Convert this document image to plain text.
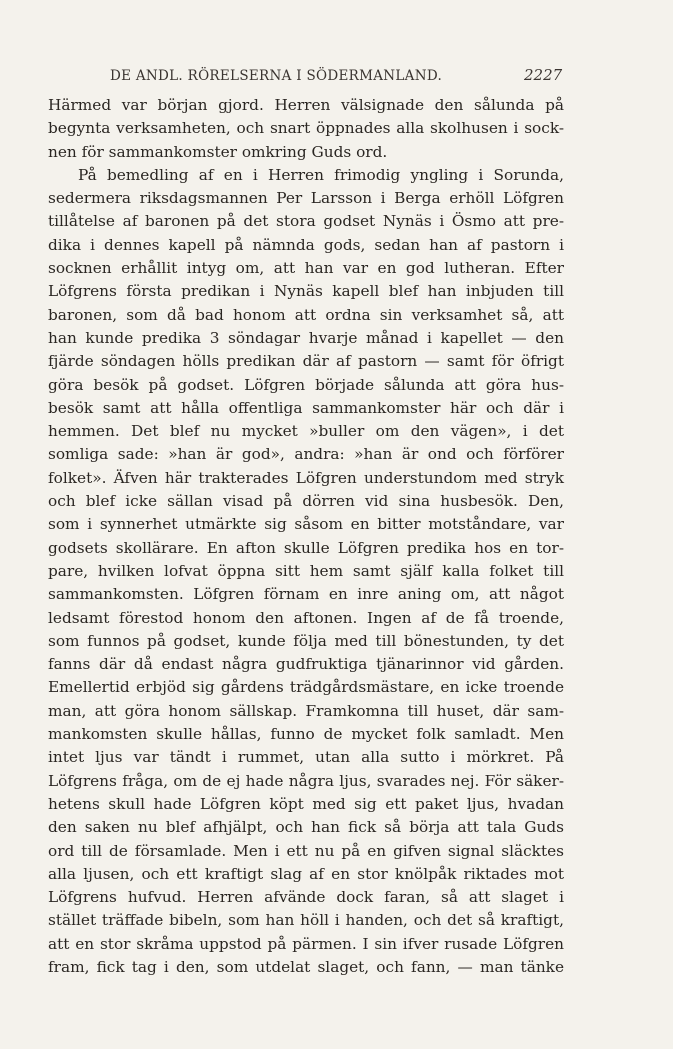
DE ANDL. RÖRELSERNA I SÖDERMANLAND.	2227
Härmed var början gjord. Herren välsignade den sålunda på
begynta verksamheten, och snart öppnades alla skolhusen i sock-
nen för sammankomster omkring Guds ord.
På bemedling af en i Herren frimodig yngling i Sorunda,
sedermera riksdagsmannen Per Larsson i Berga erhöll Löfgren
tillåtelse af baronen på det stora godset Nynäs i Ösmo att pre-
dika i dennes kapell på nämnda gods, sedan han af pastorn i
socknen erhållit intyg om, att han var en god lutheran. Efter
Löfgrens första predikan i Nynäs kapell blef han inbjuden till
baronen, som då bad honom att ordna sin verksamhet så, att
han kunde predika 3 söndagar hvarje månad i kapellet — den
fjärde söndagen hölls predikan där af pastorn — samt för öfrigt
göra besök på godset. Löfgren började sålunda att göra hus-
besök samt att hålla offentliga sammankomster här och där i
hemmen. Det blef nu mycket »buller om den vägen», i det
somliga sade: »han är god», andra: »han är ond och förförer
folket». Äfven här trakterades Löfgren understundom med stryk
och blef icke sällan visad på dörren vid sina husbesök. Den,
som i synnerhet utmärkte sig såsom en bitter motståndare, var
godsets skollärare. En afton skulle Löfgren predika hos en tor-
pare, hvilken lofvat öppna sitt hem samt själf kalla folket till
sammankomsten. Löfgren förnam en inre aning om, att något
ledsamt förestod honom den aftonen. Ingen af de få troende,
som funnos på godset, kunde följa med till bönestunden, ty det
fanns där då endast några gudfruktiga tjänarinnor vid gården.
Emellertid erbjöd sig gårdens trädgårdsmästare, en icke troende
man, att göra honom sällskap. Framkomna till huset, där sam-
mankomsten skulle hållas, funno de mycket folk samladt. Men
intet ljus var tändt i rummet, utan alla sutto i mörkret. På
Löfgrens fråga, om de ej hade några ljus, svarades nej. För säker-
hetens skull hade Löfgren köpt med sig ett paket ljus, hvadan
den saken nu blef afhjälpt, och han fick så börja att tala Guds
ord till de församlade. Men i ett nu på en gifven signal släcktes
alla ljusen, och ett kraftigt slag af en stor knölpåk riktades mot
Löfgrens hufvud. Herren afvände dock faran, så att slaget i
stället träffade bibeln, som han höll i handen, och det så kraftigt,
att en stor skråma uppstod på pärmen. I sin ifver rusade Löfgren
fram, fick tag i den, som utdelat slaget, och fann, — man tänke
